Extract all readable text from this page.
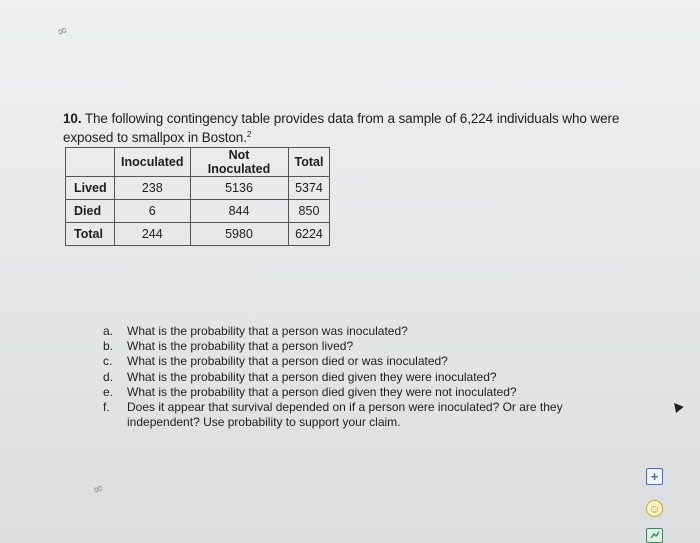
∞
∞
10. The following contingency table provides data from a sample of 6,224 individuals who were exposed to smallpox in Boston.$^2$
	Inoculated	Not Inoculated	Total
Lived	238	5136	5374
Died	6	844	850
Total	244	5980	6224
a.	What is the probability that a person was inoculated?
b.	What is the probability that a person lived?
c.	What is the probability that a person died or was inoculated?
d.	What is the probability that a person died given they were inoculated?
e.	What is the probability that a person died given they were not inoculated?
f.	Does it appear that survival depended on if a person were inoculated? Or are they independent? Use probability to support your claim.
+
☺
